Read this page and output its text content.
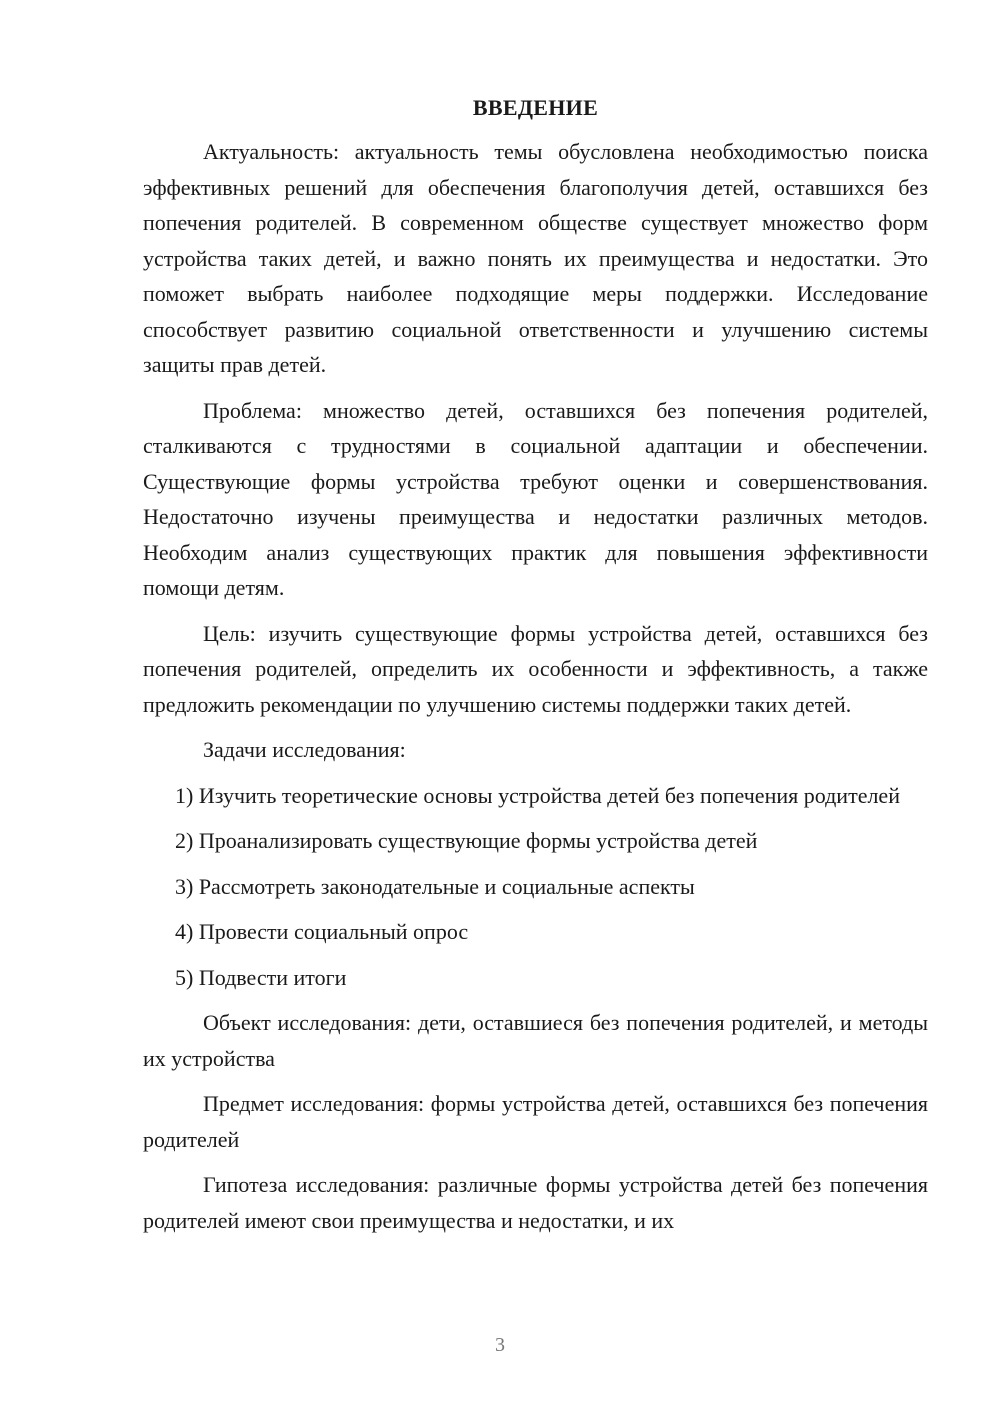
ВВЕДЕНИЕ

Актуальность: актуальность темы обусловлена необходимостью поиска эффективных решений для обеспечения благополучия детей, оставшихся без попечения родителей. В современном обществе существует множество форм устройства таких детей, и важно понять их преимущества и недостатки. Это поможет выбрать наиболее подходящие меры поддержки. Исследование способствует развитию социальной ответственности и улучшению системы защиты прав детей.

Проблема: множество детей, оставшихся без попечения родителей, сталкиваются с трудностями в социальной адаптации и обеспечении. Существующие формы устройства требуют оценки и совершенствования. Недостаточно изучены преимущества и недостатки различных методов. Необходим анализ существующих практик для повышения эффективности помощи детям.

Цель: изучить существующие формы устройства детей, оставшихся без попечения родителей, определить их особенности и эффективность, а также предложить рекомендации по улучшению системы поддержки таких детей.

Задачи исследования:

1) Изучить теоретические основы устройства детей без попечения родителей

2) Проанализировать существующие формы устройства детей

3) Рассмотреть законодательные и социальные аспекты

4) Провести социальный опрос

5) Подвести итоги

Объект исследования: дети, оставшиеся без попечения родителей, и методы их устройства

Предмет исследования: формы устройства детей, оставшихся без попечения родителей

Гипотеза исследования: различные формы устройства детей без попечения родителей имеют свои преимущества и недостатки, и их

3
